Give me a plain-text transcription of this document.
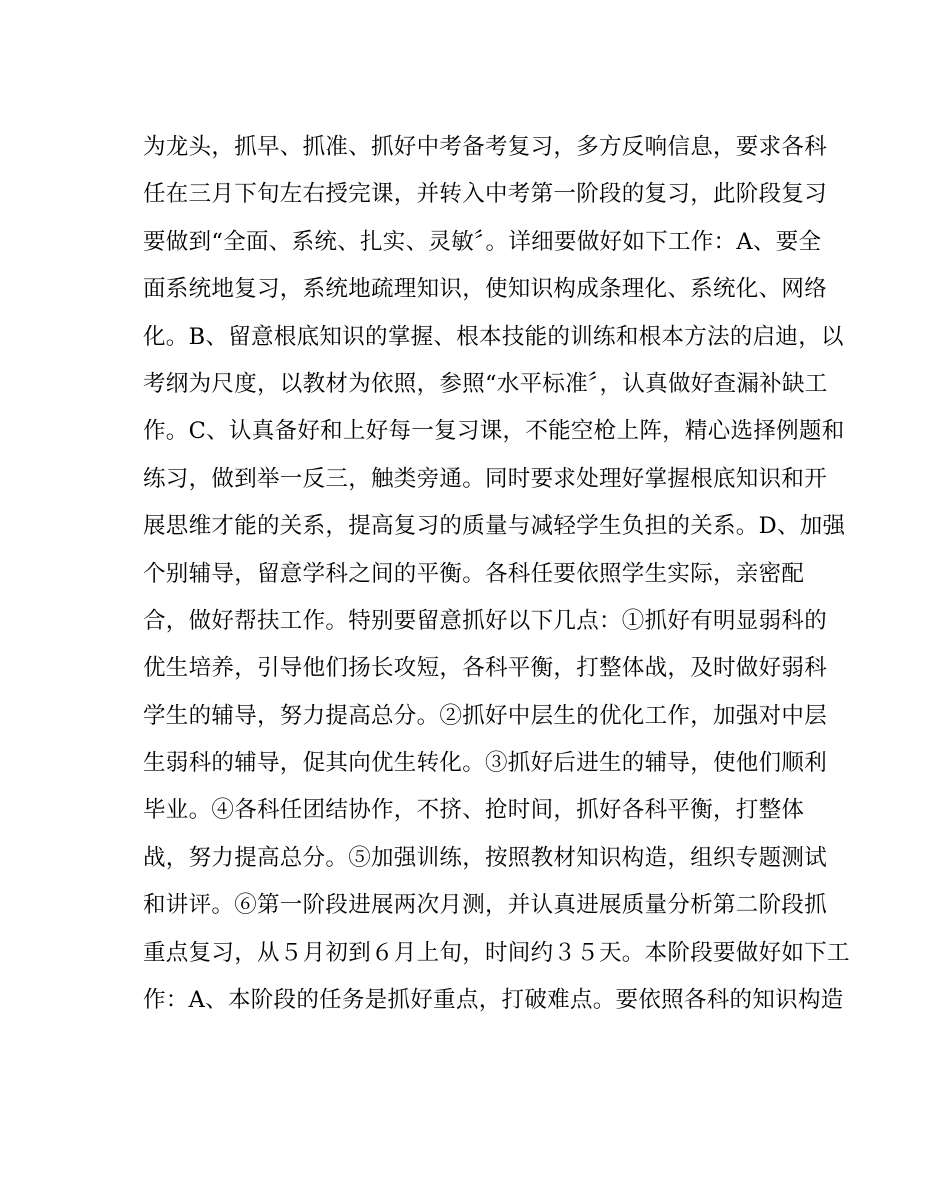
为龙头，抓早、抓准、抓好中考备考复习，多方反响信息，要求各科
任在三月下旬左右授完课，并转入中考第一阶段的复习，此阶段复习
要做到“全面、系统、扎实、灵敏〞。详细要做好如下工作：A、要全
面系统地复习，系统地疏理知识，使知识构成条理化、系统化、网络
化。B、留意根底知识的掌握、根本技能的训练和根本方法的启迪，以
考纲为尺度，以教材为依照，参照“水平标准〞，认真做好查漏补缺工
作。C、认真备好和上好每一复习课，不能空枪上阵，精心选择例题和
练习，做到举一反三，触类旁通。同时要求处理好掌握根底知识和开
展思维才能的关系，提高复习的质量与减轻学生负担的关系。D、加强
个别辅导，留意学科之间的平衡。各科任要依照学生实际，亲密配
合，做好帮扶工作。特别要留意抓好以下几点：①抓好有明显弱科的
优生培养，引导他们扬长攻短，各科平衡，打整体战，及时做好弱科
学生的辅导，努力提高总分。②抓好中层生的优化工作，加强对中层
生弱科的辅导，促其向优生转化。③抓好后进生的辅导，使他们顺利
毕业。④各科任团结协作，不挤、抢时间，抓好各科平衡，打整体
战，努力提高总分。⑤加强训练，按照教材知识构造，组织专题测试
和讲评。⑥第一阶段进展两次月测，并认真进展质量分析第二阶段抓
重点复习，从５月初到６月上旬，时间约３５天。本阶段要做好如下工
作：A、本阶段的任务是抓好重点，打破难点。要依照各科的知识构造
